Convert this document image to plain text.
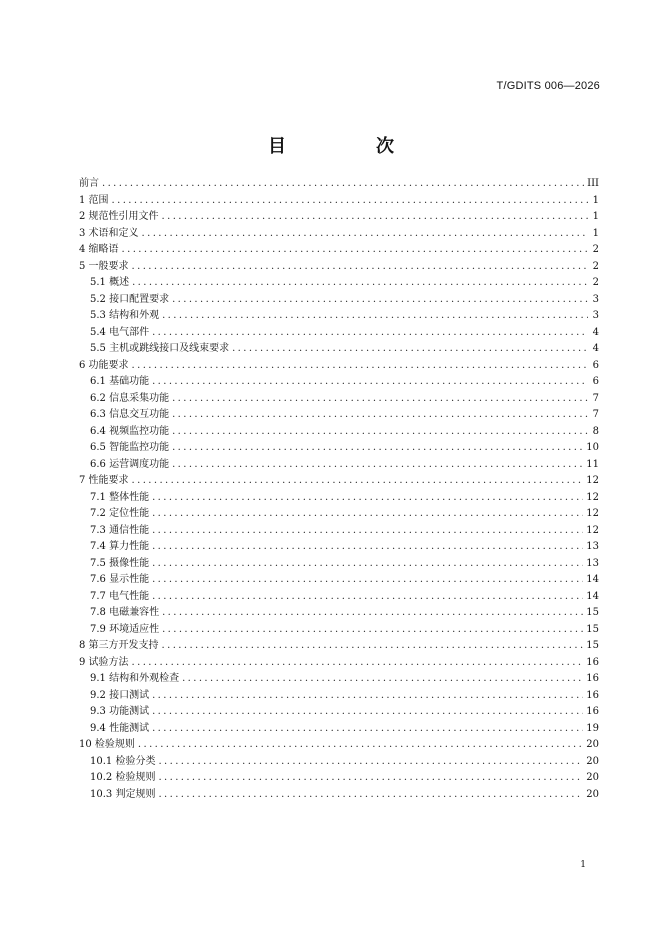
T/GDITS 006—2026
目　次
前言 .....	III
1 范围 .....	1
2 规范性引用文件 .....	1
3 术语和定义 .....	1
4 缩略语 .....	2
5 一般要求 .....	2
5.1 概述 .....	2
5.2 接口配置要求 .....	3
5.3 结构和外观 .....	3
5.4 电气部件 .....	4
5.5 主机或跳线接口及线束要求 .....	4
6 功能要求 .....	6
6.1 基础功能 .....	6
6.2 信息采集功能 .....	7
6.3 信息交互功能 .....	7
6.4 视频监控功能 .....	8
6.5 智能监控功能 .....	10
6.6 运营调度功能 .....	11
7 性能要求 .....	12
7.1 整体性能 .....	12
7.2 定位性能 .....	12
7.3 通信性能 .....	12
7.4 算力性能 .....	13
7.5 摄像性能 .....	13
7.6 显示性能 .....	14
7.7 电气性能 .....	14
7.8 电磁兼容性 .....	15
7.9 环境适应性 .....	15
8 第三方开发支持 .....	15
9 试验方法 .....	16
9.1 结构和外观检查 .....	16
9.2 接口测试 .....	16
9.3 功能测试 .....	16
9.4 性能测试 .....	19
10 检验规则 .....	20
10.1 检验分类 .....	20
10.2 检验规则 .....	20
10.3 判定规则 .....	20
1
